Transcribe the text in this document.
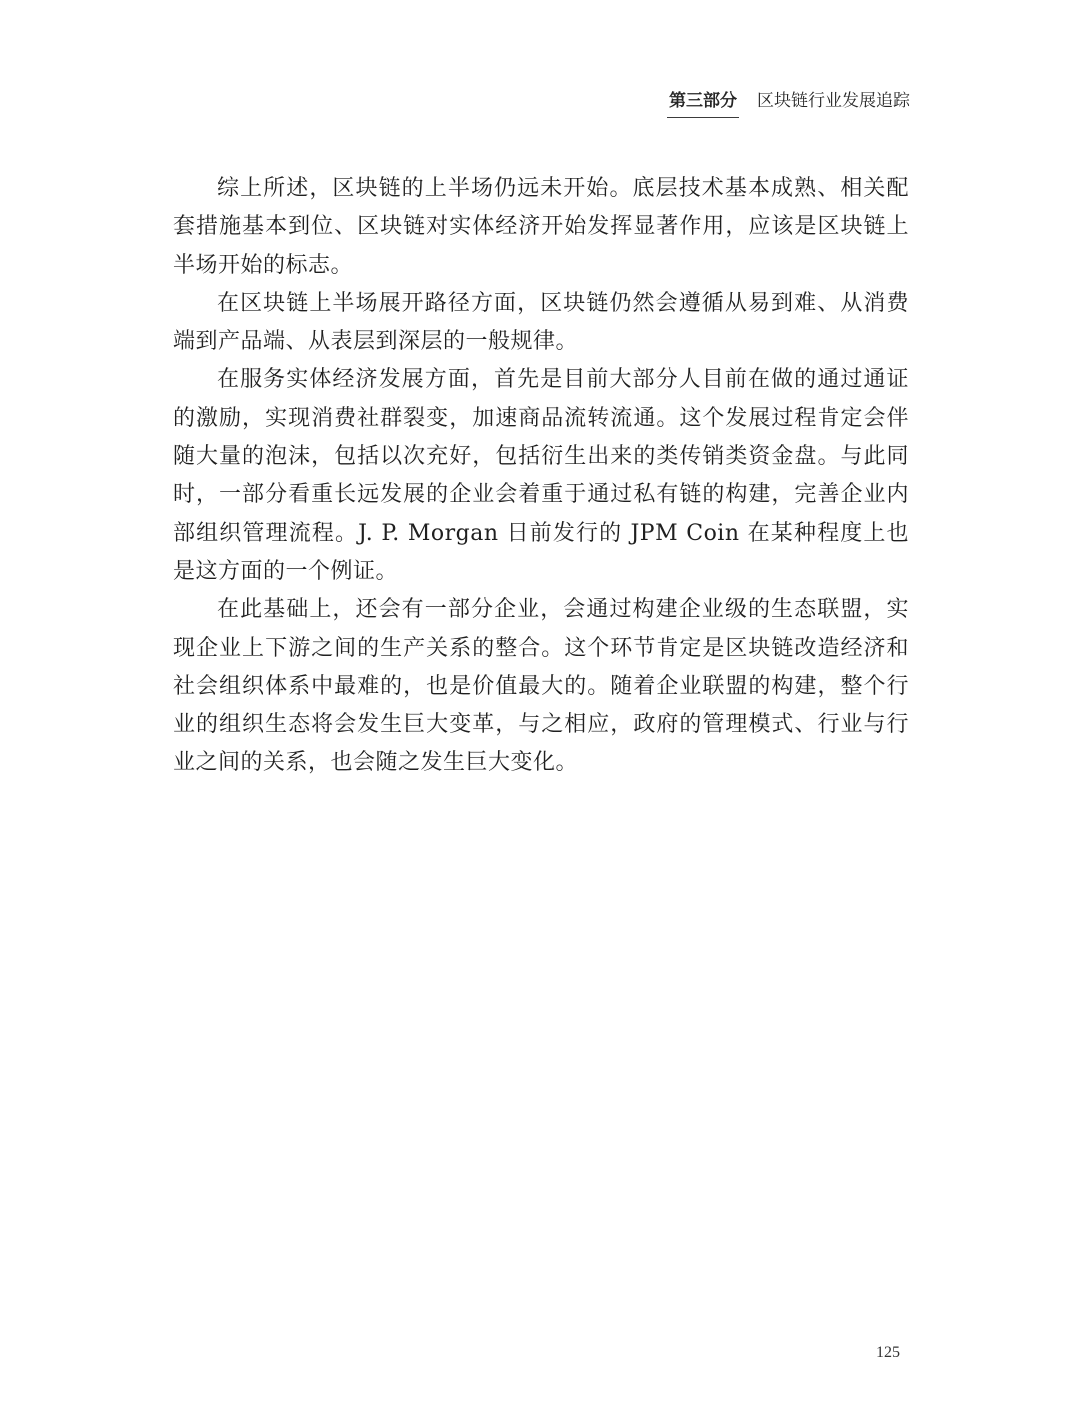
第三部分 区块链行业发展追踪

综上所述，区块链的上半场仍远未开始。底层技术基本成熟、相关配套措施基本到位、区块链对实体经济开始发挥显著作用，应该是区块链上半场开始的标志。

在区块链上半场展开路径方面，区块链仍然会遵循从易到难、从消费端到产品端、从表层到深层的一般规律。

在服务实体经济发展方面，首先是目前大部分人目前在做的通过通证的激励，实现消费社群裂变，加速商品流转流通。这个发展过程肯定会伴随大量的泡沫，包括以次充好，包括衍生出来的类传销类资金盘。与此同时，一部分看重长远发展的企业会着重于通过私有链的构建，完善企业内部组织管理流程。J. P. Morgan 日前发行的 JPM Coin 在某种程度上也是这方面的一个例证。

在此基础上，还会有一部分企业，会通过构建企业级的生态联盟，实现企业上下游之间的生产关系的整合。这个环节肯定是区块链改造经济和社会组织体系中最难的，也是价值最大的。随着企业联盟的构建，整个行业的组织生态将会发生巨大变革，与之相应，政府的管理模式、行业与行业之间的关系，也会随之发生巨大变化。

125
